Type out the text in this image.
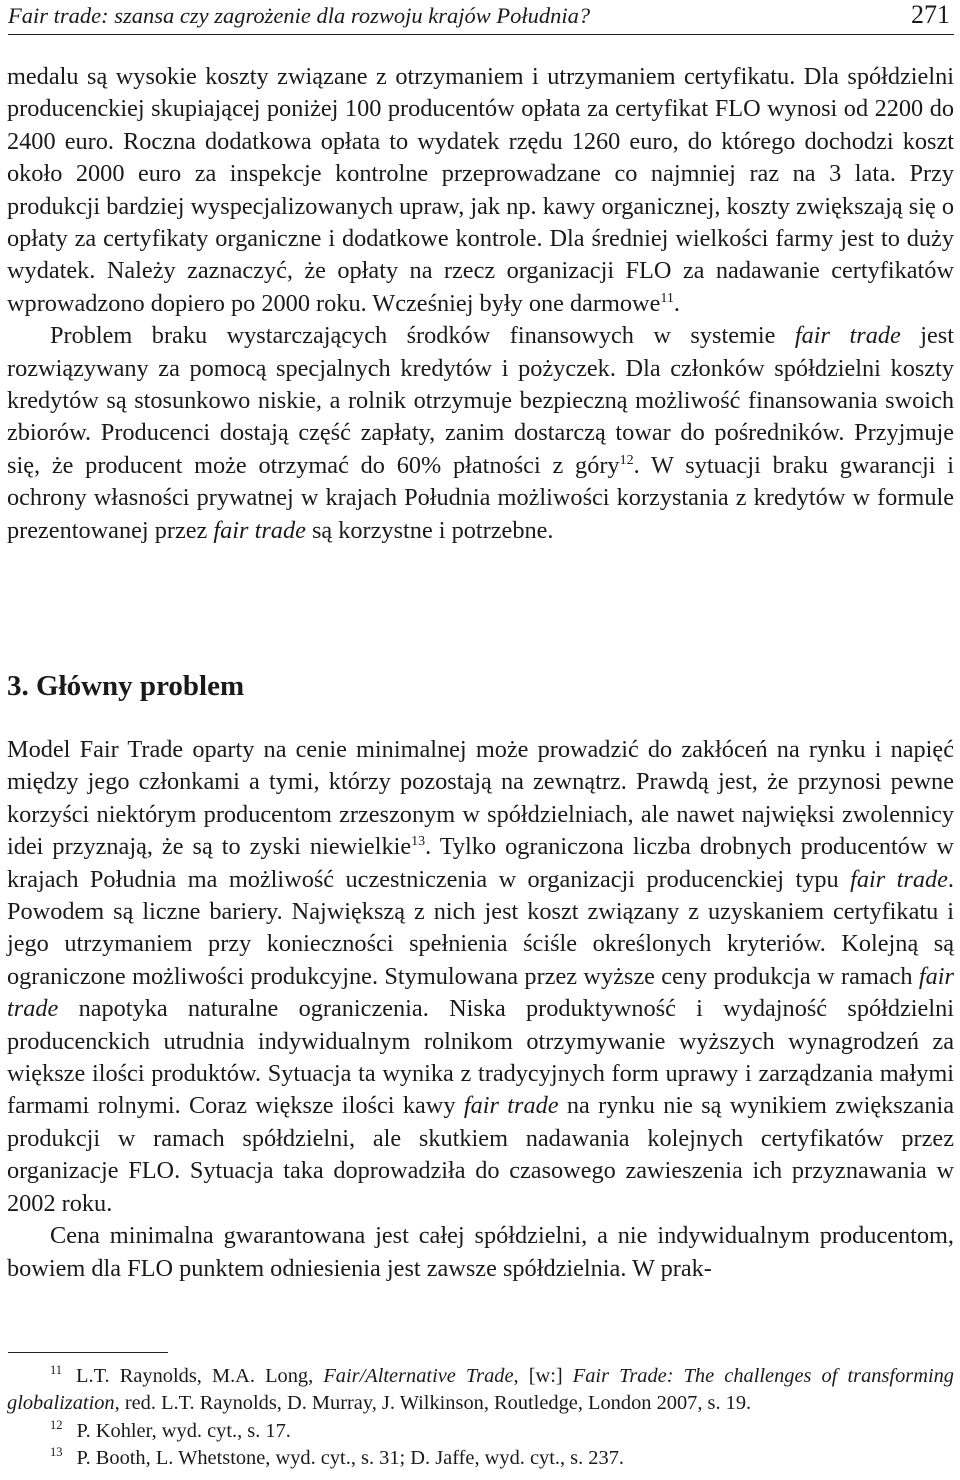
Fair trade: szansa czy zagrożenie dla rozwoju krajów Południa?	271

medalu są wysokie koszty związane z otrzymaniem i utrzymaniem certyfikatu. Dla spółdzielni producenckiej skupiającej poniżej 100 producentów opłata za certyfikat FLO wynosi od 2200 do 2400 euro. Roczna dodatkowa opłata to wydatek rzędu 1260 euro, do którego dochodzi koszt około 2000 euro za inspekcje kontrolne przeprowadzane co najmniej raz na 3 lata. Przy produkcji bardziej wyspecjalizowanych upraw, jak np. kawy organicznej, koszty zwiększają się o opłaty za certyfikaty organiczne i dodatkowe kontrole. Dla średniej wielkości farmy jest to duży wydatek. Należy zaznaczyć, że opłaty na rzecz organizacji FLO za nadawanie certyfikatów wprowadzono dopiero po 2000 roku. Wcześniej były one darmowe$^{11}$.

Problem braku wystarczających środków finansowych w systemie fair trade jest rozwiązywany za pomocą specjalnych kredytów i pożyczek. Dla członków spółdzielni koszty kredytów są stosunkowo niskie, a rolnik otrzymuje bezpieczną możliwość finansowania swoich zbiorów. Producenci dostają część zapłaty, zanim dostarczą towar do pośredników. Przyjmuje się, że producent może otrzymać do 60% płatności z góry$^{12}$. W sytuacji braku gwarancji i ochrony własności prywatnej w krajach Południa możliwości korzystania z kredytów w formule prezentowanej przez fair trade są korzystne i potrzebne.

3. Główny problem

Model Fair Trade oparty na cenie minimalnej może prowadzić do zakłóceń na rynku i napięć między jego członkami a tymi, którzy pozostają na zewnątrz. Prawdą jest, że przynosi pewne korzyści niektórym producentom zrzeszonym w spółdzielniach, ale nawet najwięksi zwolennicy idei przyznają, że są to zyski niewielkie$^{13}$. Tylko ograniczona liczba drobnych producentów w krajach Południa ma możliwość uczestniczenia w organizacji producenckiej typu fair trade. Powodem są liczne bariery. Największą z nich jest koszt związany z uzyskaniem certyfikatu i jego utrzymaniem przy konieczności spełnienia ściśle określonych kryteriów. Kolejną są ograniczone możliwości produkcyjne. Stymulowana przez wyższe ceny produkcja w ramach fair trade napotyka naturalne ograniczenia. Niska produktywność i wydajność spółdzielni producenckich utrudnia indywidualnym rolnikom otrzymywanie wyższych wynagrodzeń za większe ilości produktów. Sytuacja ta wynika z tradycyjnych form uprawy i zarządzania małymi farmami rolnymi. Coraz większe ilości kawy fair trade na rynku nie są wynikiem zwiększania produkcji w ramach spółdzielni, ale skutkiem nadawania kolejnych certyfikatów przez organizacje FLO. Sytuacja taka doprowadziła do czasowego zawieszenia ich przyznawania w 2002 roku.

Cena minimalna gwarantowana jest całej spółdzielni, a nie indywidualnym producentom, bowiem dla FLO punktem odniesienia jest zawsze spółdzielnia. W prak-

$^{11}$ L.T. Raynolds, M.A. Long, Fair/Alternative Trade, [w:] Fair Trade: The challenges of transforming globalization, red. L.T. Raynolds, D. Murray, J. Wilkinson, Routledge, London 2007, s. 19.

$^{12}$ P. Kohler, wyd. cyt., s. 17.

$^{13}$ P. Booth, L. Whetstone, wyd. cyt., s. 31; D. Jaffe, wyd. cyt., s. 237.
